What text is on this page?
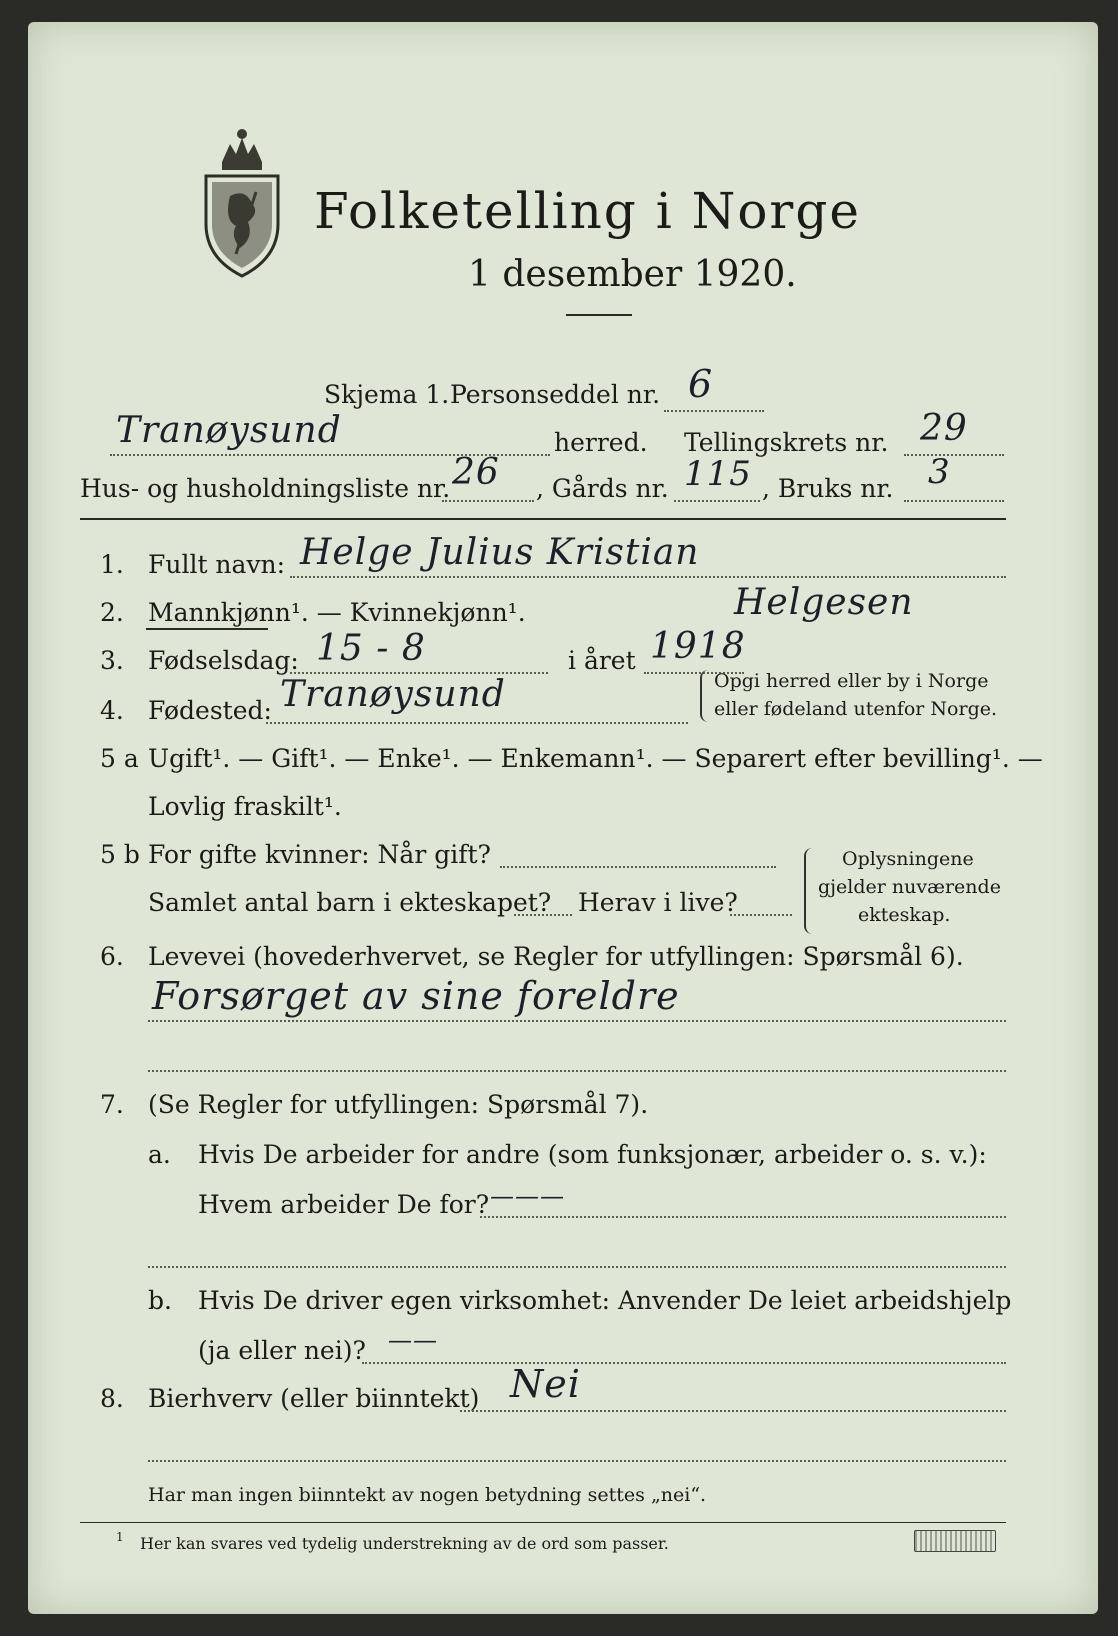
Folketelling i Norge
1 desember 1920.
Skjema 1. Personseddel nr. 6
Tranøysund	herred. Tellingskrets nr. 29
Hus- og husholdningsliste nr. 26 , Gårds nr. 115 , Bruks nr. 3
1. Fullt navn: Helge Julius Kristian
2. Mannkjønn¹. — Kvinnekjønn¹.	Helgesen
3. Fødselsdag: 15 - 8	i året 1918
4. Fødested: Tranøysund	Opgi herred eller by i Norge
eller fødeland utenfor Norge.
5 a Ugift¹. — Gift¹. — Enke¹. — Enkemann¹. — Separert efter bevilling¹. —
Lovlig fraskilt¹.
5 b For gifte kvinner: Når gift?
Samlet antal barn i ekteskapet? Herav i live?
Oplysningene
gjelder nuværende
ekteskap.
6. Levevei (hovederhvervet, se Regler for utfyllingen: Spørsmål 6).
Forsørget av sine foreldre
7. (Se Regler for utfyllingen: Spørsmål 7).
a. Hvis De arbeider for andre (som funksjonær, arbeider o. s. v.):
Hvem arbeider De for? ———
b. Hvis De driver egen virksomhet: Anvender De leiet arbeidshjelp
(ja eller nei)? ——
8. Bierhverv (eller biinntekt) Nei
Har man ingen biinntekt av nogen betydning settes „nei“.
1 Her kan svares ved tydelig understrekning av de ord som passer.
